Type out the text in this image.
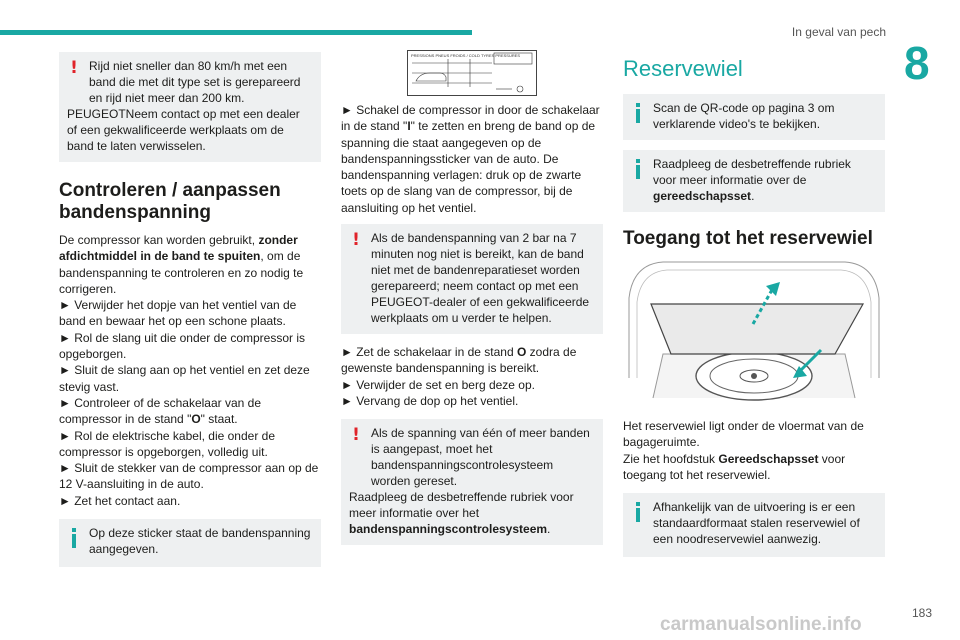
In geval van pech
8
! Rijd niet sneller dan 80 km/h met een band die met dit type set is gerepareerd en rijd niet meer dan 200 km.
PEUGEOTNeem contact op met een dealer of een gekwalificeerde werkplaats om de band te laten verwisselen.
Controleren / aanpassen bandenspanning
De compressor kan worden gebruikt, zonder afdichtmiddel in de band te spuiten, om de bandenspanning te controleren en zo nodig te corrigeren.
► Verwijder het dopje van het ventiel van de band en bewaar het op een schone plaats.
► Rol de slang uit die onder de compressor is opgeborgen.
► Sluit de slang aan op het ventiel en zet deze stevig vast.
► Controleer of de schakelaar van de compressor in de stand "O" staat.
► Rol de elektrische kabel, die onder de compressor is opgeborgen, volledig uit.
► Sluit de stekker van de compressor aan op de 12 V-aansluiting in de auto.
► Zet het contact aan.
Op deze sticker staat de bandenspanning aangegeven.
PRESSIONS PNEUS FROIDS / COLD TYRES PRESSURES
► Schakel de compressor in door de schakelaar in de stand "I" te zetten en breng de band op de spanning die staat aangegeven op de bandenspanningssticker van de auto. De bandenspanning verlagen: druk op de zwarte toets op de slang van de compressor, bij de aansluiting op het ventiel.
! Als de bandenspanning van 2 bar na 7 minuten nog niet is bereikt, kan de band niet met de bandenreparatieset worden gerepareerd; neem contact op met een PEUGEOT-dealer of een gekwalificeerde werkplaats om u verder te helpen.
► Zet de schakelaar in de stand O zodra de gewenste bandenspanning is bereikt.
► Verwijder de set en berg deze op.
► Vervang de dop op het ventiel.
! Als de spanning van één of meer banden is aangepast, moet het bandenspanningscontrolesysteem worden gereset.
Raadpleeg de desbetreffende rubriek voor meer informatie over het bandenspanningscontrolesysteem.
Reservewiel
Scan de QR-code op pagina 3 om verklarende video's te bekijken.
Raadpleeg de desbetreffende rubriek voor meer informatie over de gereedschapsset.
Toegang tot het reservewiel
Het reservewiel ligt onder de vloermat van de bagageruimte.
Zie het hoofdstuk Gereedschapsset voor toegang tot het reservewiel.
Afhankelijk van de uitvoering is er een standaardformaat stalen reservewiel of een noodreservewiel aanwezig.
183
carmanualsonline.info
